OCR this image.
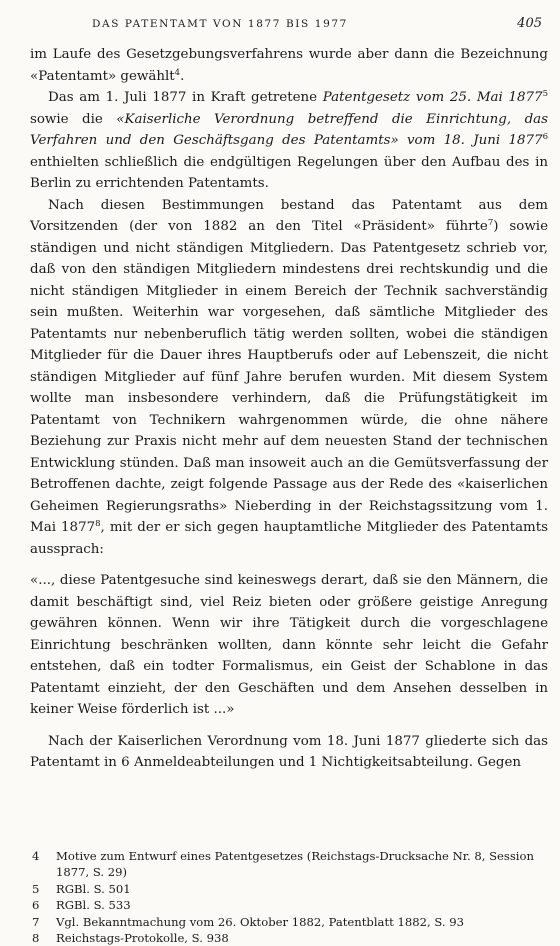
DAS PATENTAMT VON 1877 BIS 1977	405

im Laufe des Gesetzgebungsverfahrens wurde aber dann die Bezeichnung «Patentamt» gewählt$^4$.

Das am 1. Juli 1877 in Kraft getretene Patentgesetz vom 25. Mai 1877$^5$ sowie die «Kaiserliche Verordnung betreffend die Einrichtung, das Verfahren und den Geschäftsgang des Patentamts» vom 18. Juni 1877$^6$ enthielten schließlich die endgültigen Regelungen über den Aufbau des in Berlin zu errichtenden Patentamts.

Nach diesen Bestimmungen bestand das Patentamt aus dem Vorsitzenden (der von 1882 an den Titel «Präsident» führte$^7$) sowie ständigen und nicht ständigen Mitgliedern. Das Patentgesetz schrieb vor, daß von den ständigen Mitgliedern mindestens drei rechtskundig und die nicht ständigen Mitglieder in einem Bereich der Technik sachverständig sein mußten. Weiterhin war vorgesehen, daß sämtliche Mitglieder des Patentamts nur nebenberuflich tätig werden sollten, wobei die ständigen Mitglieder für die Dauer ihres Hauptberufs oder auf Lebenszeit, die nicht ständigen Mitglieder auf fünf Jahre berufen wurden. Mit diesem System wollte man insbesondere verhindern, daß die Prüfungstätigkeit im Patentamt von Technikern wahrgenommen würde, die ohne nähere Beziehung zur Praxis nicht mehr auf dem neuesten Stand der technischen Entwicklung stünden. Daß man insoweit auch an die Gemütsverfassung der Betroffenen dachte, zeigt folgende Passage aus der Rede des «kaiserlichen Geheimen Regierungsraths» Nieberding in der Reichstagssitzung vom 1. Mai 1877$^8$, mit der er sich gegen hauptamtliche Mitglieder des Patentamts aussprach:

«..., diese Patentgesuche sind keineswegs derart, daß sie den Männern, die damit beschäftigt sind, viel Reiz bieten oder größere geistige Anregung gewähren können. Wenn wir ihre Tätigkeit durch die vorgeschlagene Einrichtung beschränken wollten, dann könnte sehr leicht die Gefahr entstehen, daß ein todter Formalismus, ein Geist der Schablone in das Patentamt einzieht, der den Geschäften und dem Ansehen desselben in keiner Weise förderlich ist ...»

Nach der Kaiserlichen Verordnung vom 18. Juni 1877 gliederte sich das Patentamt in 6 Anmeldeabteilungen und 1 Nichtigkeitsabteilung. Gegen

4	Motive zum Entwurf eines Patentgesetzes (Reichstags-Drucksache Nr. 8, Session 1877, S. 29)
5	RGBl. S. 501
6	RGBl. S. 533
7	Vgl. Bekanntmachung vom 26. Oktober 1882, Patentblatt 1882, S. 93
8	Reichstags-Protokolle, S. 938
